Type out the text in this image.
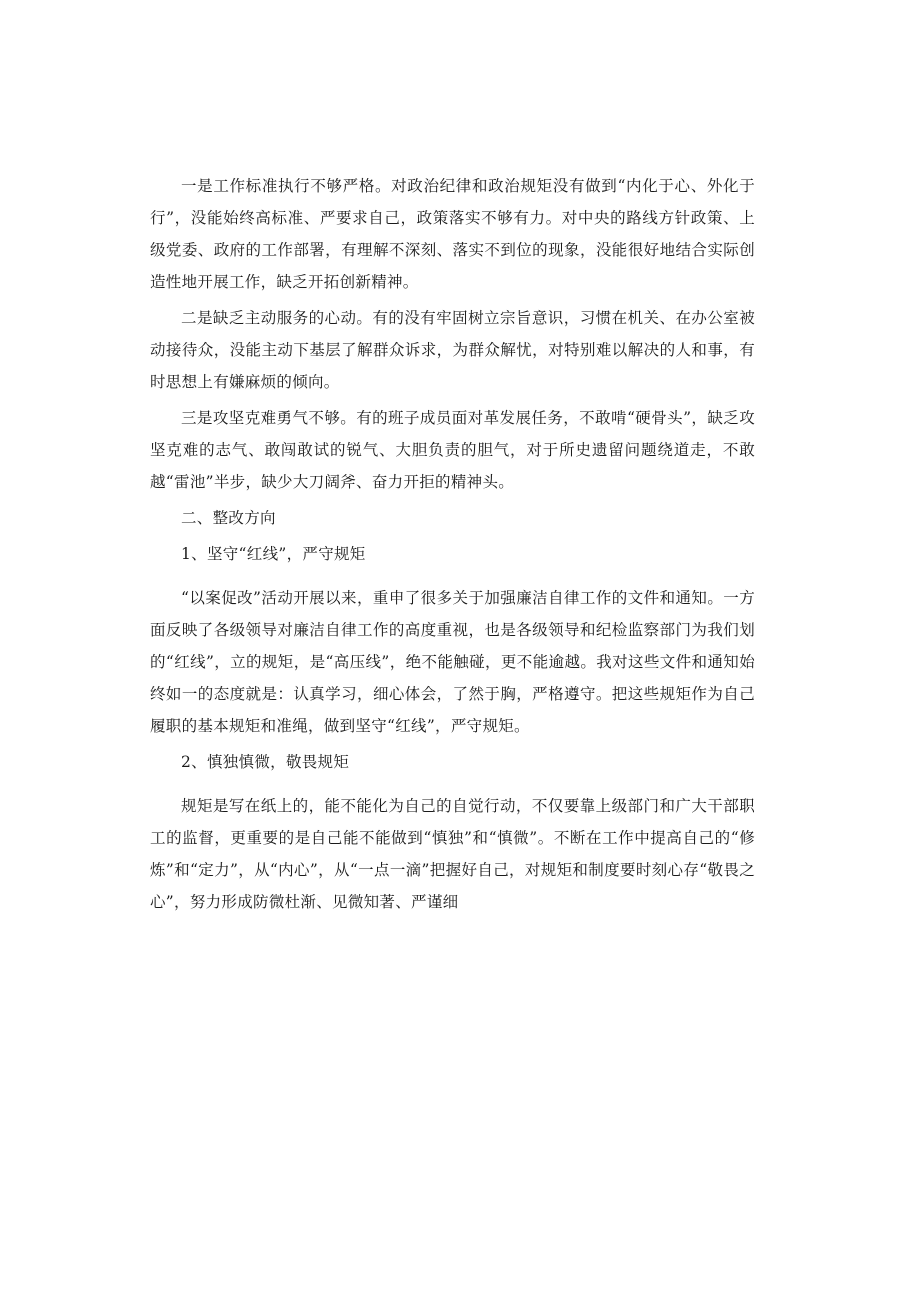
一是工作标准执行不够严格。对政治纪律和政治规矩没有做到“内化于心、外化于行”，没能始终高标准、严要求自己，政策落实不够有力。对中央的路线方针政策、上级党委、政府的工作部署，有理解不深刻、落实不到位的现象，没能很好地结合实际创造性地开展工作，缺乏开拓创新精神。

二是缺乏主动服务的心动。有的没有牢固树立宗旨意识，习惯在机关、在办公室被动接待众，没能主动下基层了解群众诉求，为群众解忧，对特别难以解决的人和事，有时思想上有嫌麻烦的倾向。

三是攻坚克难勇气不够。有的班子成员面对革发展任务，不敢啃“硬骨头”，缺乏攻坚克难的志气、敢闯敢试的锐气、大胆负责的胆气，对于所史遗留问题绕道走，不敢越“雷池”半步，缺少大刀阔斧、奋力开拒的精神头。

二、整改方向

1、坚守“红线”，严守规矩

“以案促改”活动开展以来，重申了很多关于加强廉洁自律工作的文件和通知。一方面反映了各级领导对廉洁自律工作的高度重视，也是各级领导和纪检监察部门为我们划的“红线”，立的规矩，是“高压线”，绝不能触碰，更不能逾越。我对这些文件和通知始终如一的态度就是：认真学习，细心体会，了然于胸，严格遵守。把这些规矩作为自己履职的基本规矩和准绳，做到坚守“红线”，严守规矩。

2、慎独慎微，敬畏规矩

规矩是写在纸上的，能不能化为自己的自觉行动，不仅要靠上级部门和广大干部职工的监督，更重要的是自己能不能做到“慎独”和“慎微”。不断在工作中提高自己的“修炼”和“定力”，从“内心”，从“一点一滴”把握好自己，对规矩和制度要时刻心存“敬畏之心”，努力形成防微杜渐、见微知著、严谨细
